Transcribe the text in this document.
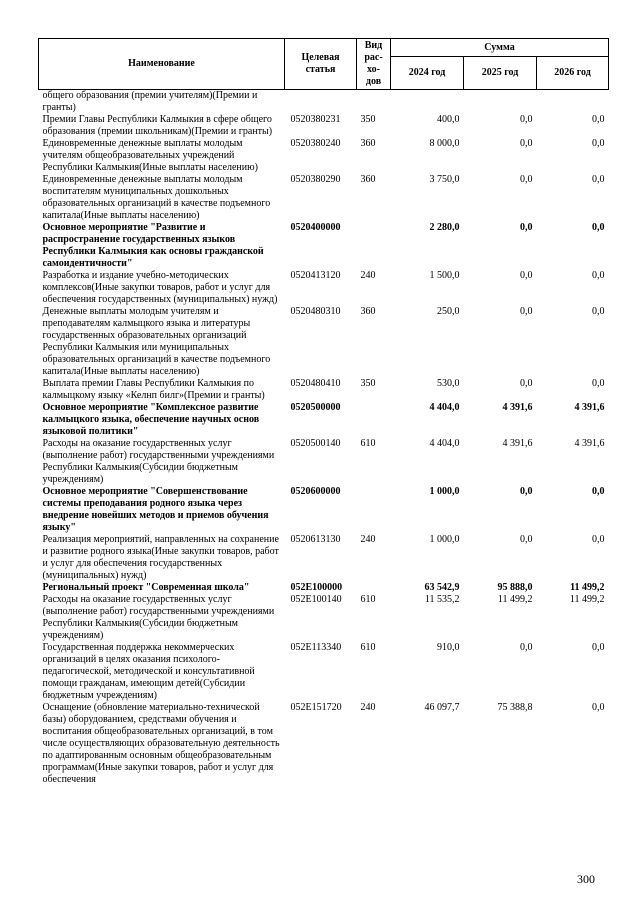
Наименование	Целевая статья	Вид
рас-
хо-
дов	Сумма		
			2024 год	2025 год	2026 год
общего образования (премии учителям)(Премии и гранты)					
Премии Главы Республики Калмыкия в сфере общего образования (премии школьникам)(Премии и гранты)	0520380231	350	400,0	0,0	0,0
Единовременные денежные выплаты молодым учителям общеобразовательных учреждений Республики Калмыкия(Иные выплаты населению)	0520380240	360	8 000,0	0,0	0,0
Единовременные денежные выплаты молодым воспитателям муниципальных дошкольных образовательных организаций в качестве подъемного капитала(Иные выплаты населению)	0520380290	360	3 750,0	0,0	0,0
Основное мероприятие "Развитие и распространение государственных языков Республики Калмыкия как основы гражданской самоидентичности"	0520400000		2 280,0	0,0	0,0
Разработка и издание учебно-методических комплексов(Иные закупки товаров, работ и услуг для обеспечения государственных (муниципальных) нужд)	0520413120	240	1 500,0	0,0	0,0
Денежные выплаты молодым учителям и преподавателям калмыцкого языка и литературы государственных образовательных организаций Республики Калмыкия или муниципальных образовательных организаций в качестве подъемного капитала(Иные выплаты населению)	0520480310	360	250,0	0,0	0,0
Выплата премии Главы Республики Калмыкия по калмыцкому языку «Келнп билг»(Премии и гранты)	0520480410	350	530,0	0,0	0,0
Основное мероприятие "Комплексное развитие калмыцкого языка, обеспечение научных основ языковой политики"	0520500000		4 404,0	4 391,6	4 391,6
Расходы на оказание государственных услуг (выполнение работ) государственными учреждениями Республики Калмыкия(Субсидии бюджетным учреждениям)	0520500140	610	4 404,0	4 391,6	4 391,6
Основное мероприятие "Совершенствование системы преподавания родного языка через внедрение новейших методов и приемов обучения языку"	0520600000		1 000,0	0,0	0,0
Реализация мероприятий, направленных на сохранение и развитие родного языка(Иные закупки товаров, работ и услуг для обеспечения государственных (муниципальных) нужд)	0520613130	240	1 000,0	0,0	0,0
Региональный проект "Современная школа"	052E100000		63 542,9	95 888,0	11 499,2
Расходы на оказание государственных услуг (выполнение работ) государственными учреждениями Республики Калмыкия(Субсидии бюджетным учреждениям)	052E100140	610	11 535,2	11 499,2	11 499,2
Государственная поддержка некоммерческих организаций в целях оказания психолого-педагогической, методической и консультативной помощи гражданам, имеющим детей(Субсидии бюджетным учреждениям)	052E113340	610	910,0	0,0	0,0
Оснащение (обновление материально-технической базы) оборудованием, средствами обучения и воспитания общеобразовательных организаций, в том числе осуществляющих образовательную деятельность по адаптированным основным общеобразовательным программам(Иные закупки товаров, работ и услуг для обеспечения	052E151720	240	46 097,7	75 388,8	0,0
300
